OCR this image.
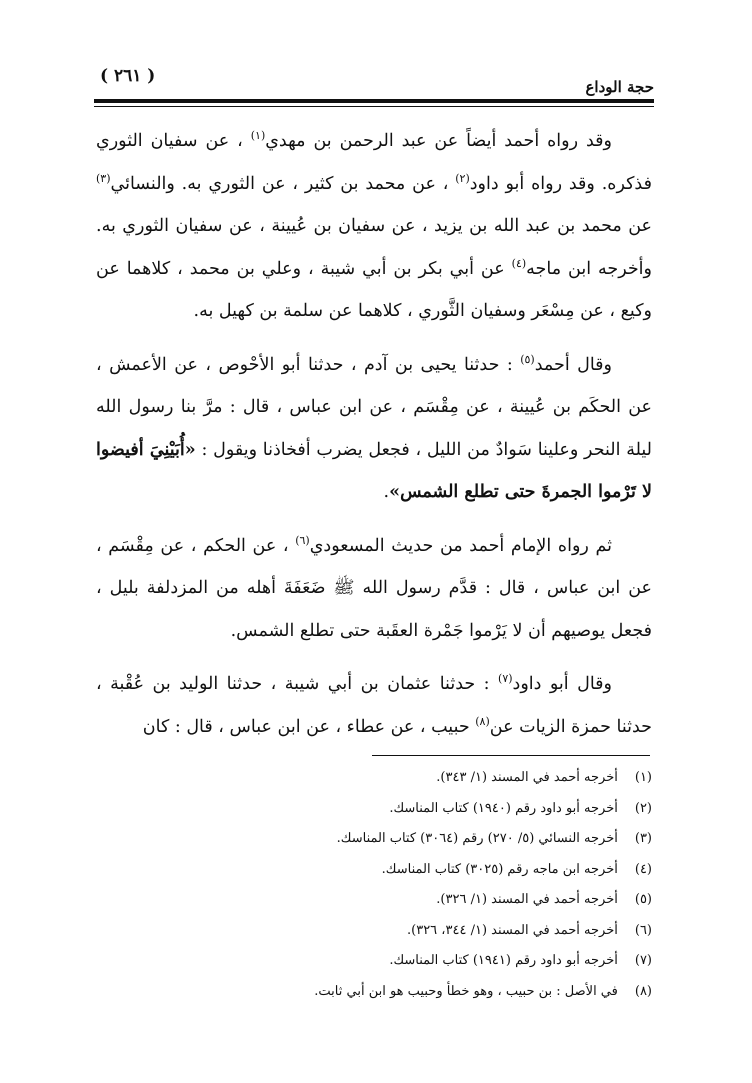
حجة الوداع
( ٢٦١ )

وقد رواه أحمد أيضاً عن عبد الرحمن بن مهدي$^{(١)}$ ، عن سفيان الثوري فذكره. وقد رواه أبو داود$^{(٢)}$ ، عن محمد بن كثير ، عن الثوري به. والنسائي$^{(٣)}$ عن محمد بن عبد الله بن يزيد ، عن سفيان بن عُيينة ، عن سفيان الثوري به. وأخرجه ابن ماجه$^{(٤)}$ عن أبي بكر بن أبي شيبة ، وعلي بن محمد ، كلاهما عن وكيع ، عن مِسْعَر وسفيان الثَّوري ، كلاهما عن سلمة بن كهيل به.

وقال أحمد$^{(٥)}$ : حدثنا يحيى بن آدم ، حدثنا أبو الأحْوص ، عن الأعمش ، عن الحكَم بن عُيينة ، عن مِقْسَم ، عن ابن عباس ، قال : مرَّ بنا رسول الله ليلة النحر وعلينا سَوادٌ من الليل ، فجعل يضرب أفخاذنا ويقول : «أُبَيْنِيَ أفيضوا لا تَرْموا الجمرةَ حتى تطلع الشمس».

ثم رواه الإمام أحمد من حديث المسعودي$^{(٦)}$ ، عن الحكم ، عن مِقْسَم ، عن ابن عباس ، قال : قدَّم رسول الله ﷺ ضَعَفَةَ أهله من المزدلفة بليل ، فجعل يوصيهم أن لا يَرْموا جَمْرة العقَبة حتى تطلع الشمس.

وقال أبو داود$^{(٧)}$ : حدثنا عثمان بن أبي شيبة ، حدثنا الوليد بن عُقْبة ، حدثنا حمزة الزيات عن$^{(٨)}$ حبيب ، عن عطاء ، عن ابن عباس ، قال : كان

(١) أخرجه أحمد في المسند (١/ ٣٤٣).
(٢) أخرجه أبو داود رقم (١٩٤٠) كتاب المناسك.
(٣) أخرجه النسائي (٥/ ٢٧٠) رقم (٣٠٦٤) كتاب المناسك.
(٤) أخرجه ابن ماجه رقم (٣٠٢٥) كتاب المناسك.
(٥) أخرجه أحمد في المسند (١/ ٣٢٦).
(٦) أخرجه أحمد في المسند (١/ ٣٤٤، ٣٢٦).
(٧) أخرجه أبو داود رقم (١٩٤١) كتاب المناسك.
(٨) في الأصل : بن حبيب ، وهو خطأ وحبيب هو ابن أبي ثابت.
